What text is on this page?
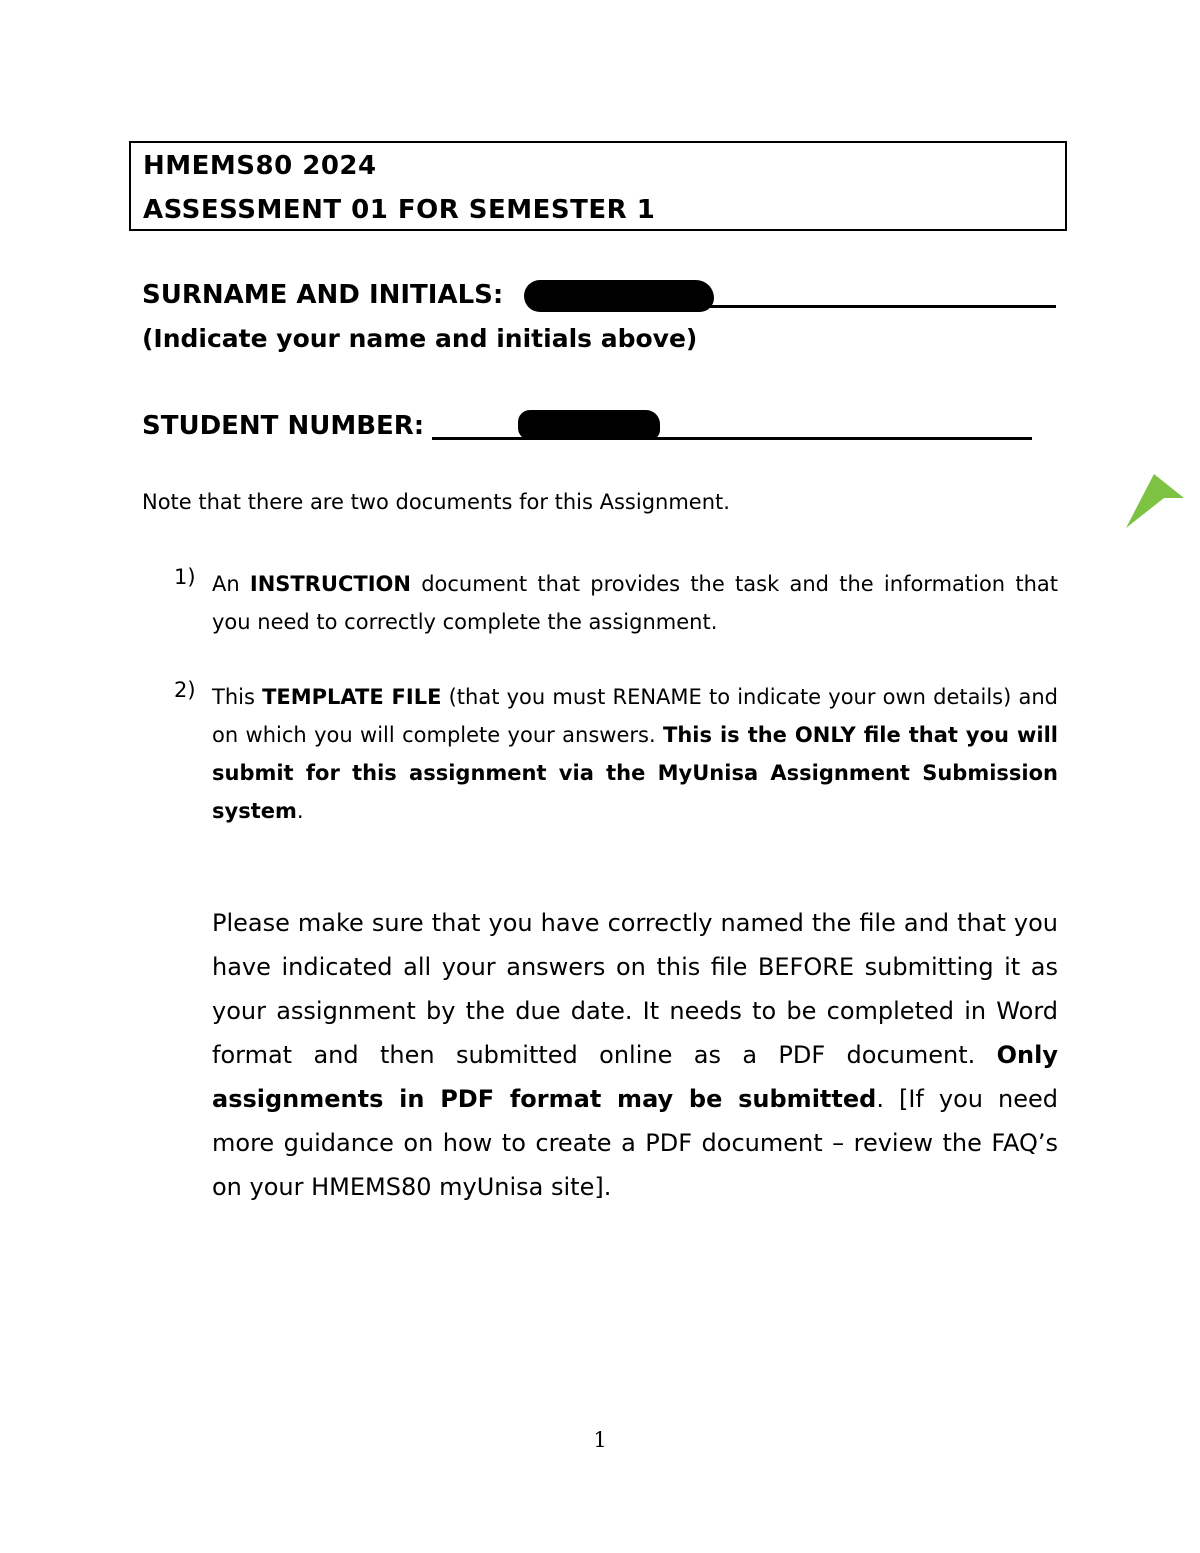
HMEMS80 2024
ASSESSMENT 01 FOR SEMESTER 1
SURNAME AND INITIALS:
(Indicate your name and initials above)
STUDENT NUMBER:
Note that there are two documents for this Assignment.
1) An INSTRUCTION document that provides the task and the information that you need to correctly complete the assignment.
2) This TEMPLATE FILE (that you must RENAME to indicate your own details) and on which you will complete your answers. This is the ONLY file that you will submit for this assignment via the MyUnisa Assignment Submission system.
Please make sure that you have correctly named the file and that you have indicated all your answers on this file BEFORE submitting it as your assignment by the due date. It needs to be completed in Word format and then submitted online as a PDF document. Only assignments in PDF format may be submitted. [If you need more guidance on how to create a PDF document – review the FAQ’s on your HMEMS80 myUnisa site].
1
